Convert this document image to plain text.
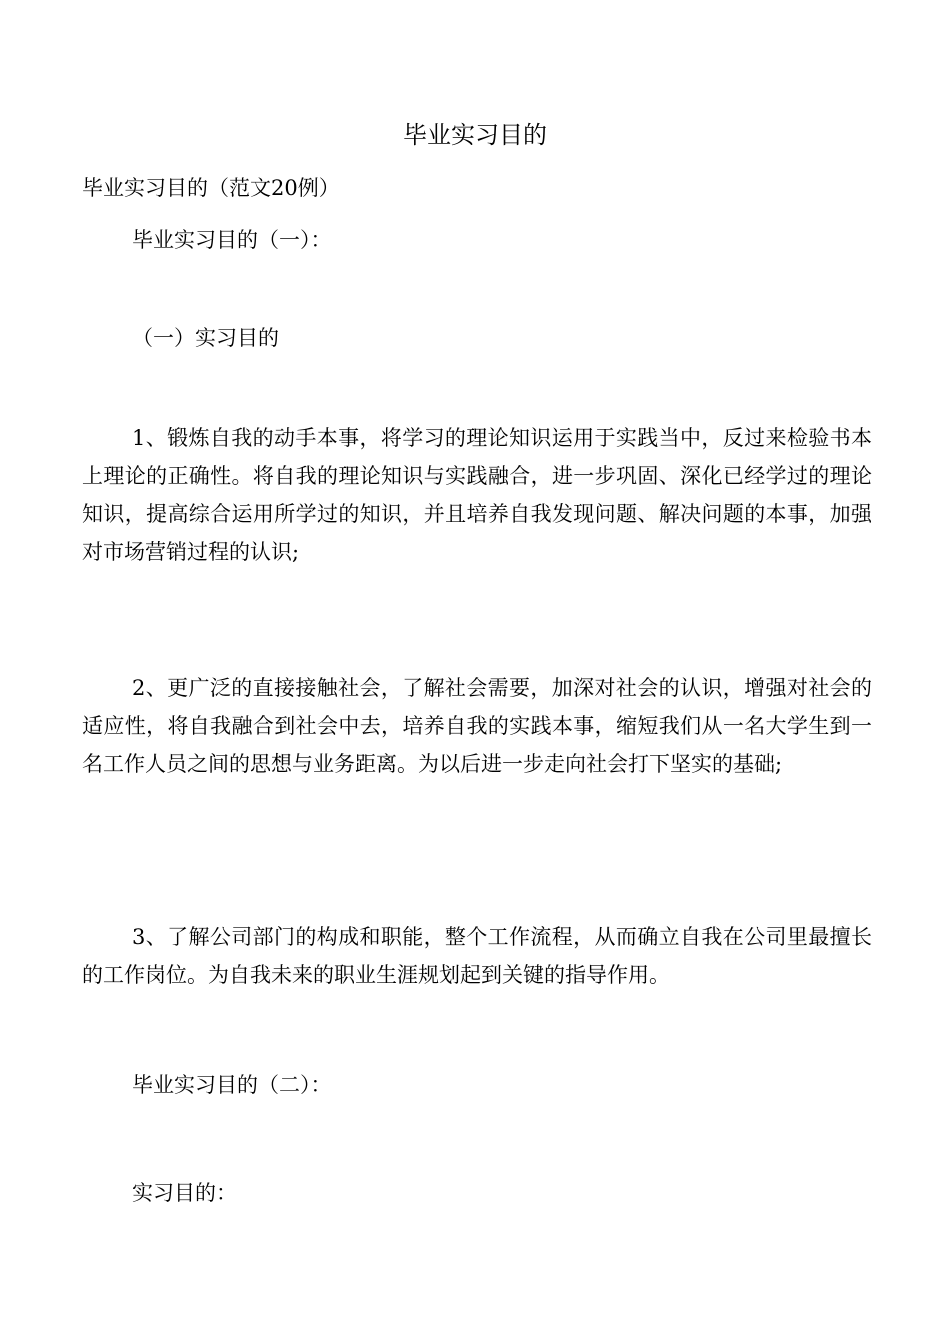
毕业实习目的

毕业实习目的（范文20例）

毕业实习目的（一）：

（一）实习目的

1、锻炼自我的动手本事，将学习的理论知识运用于实践当中，反过来检验书本上理论的正确性。将自我的理论知识与实践融合，进一步巩固、深化已经学过的理论知识，提高综合运用所学过的知识，并且培养自我发现问题、解决问题的本事，加强对市场营销过程的认识;

2、更广泛的直接接触社会，了解社会需要，加深对社会的认识，增强对社会的适应性，将自我融合到社会中去，培养自我的实践本事，缩短我们从一名大学生到一名工作人员之间的思想与业务距离。为以后进一步走向社会打下坚实的基础;

3、了解公司部门的构成和职能，整个工作流程，从而确立自我在公司里最擅长的工作岗位。为自我未来的职业生涯规划起到关键的指导作用。

毕业实习目的（二）：

实习目的：
